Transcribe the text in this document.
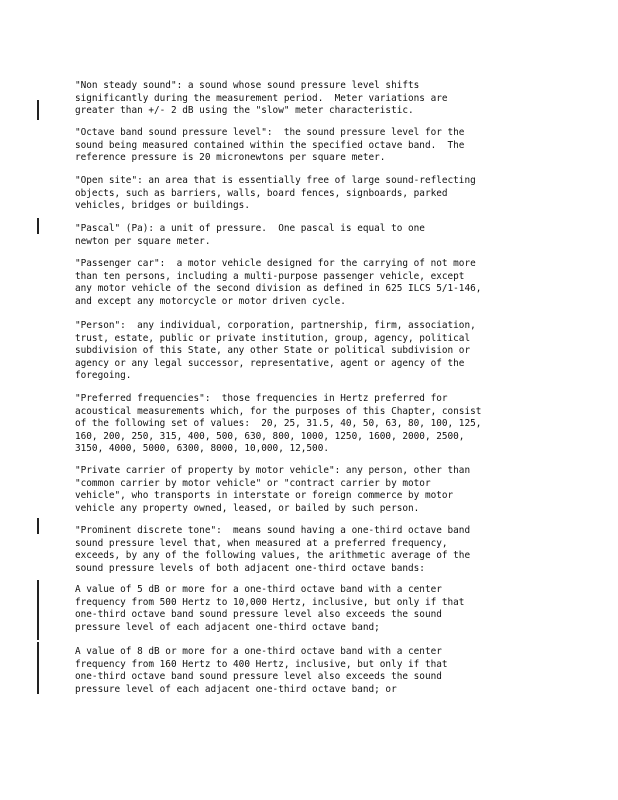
"Non steady sound": a sound whose sound pressure level shifts
significantly during the measurement period.  Meter variations are
greater than +/- 2 dB using the "slow" meter characteristic.
"Octave band sound pressure level":  the sound pressure level for the
sound being measured contained within the specified octave band.  The
reference pressure is 20 micronewtons per square meter.
"Open site": an area that is essentially free of large sound-reflecting
objects, such as barriers, walls, board fences, signboards, parked
vehicles, bridges or buildings.
"Pascal" (Pa): a unit of pressure.  One pascal is equal to one
newton per square meter.
"Passenger car":  a motor vehicle designed for the carrying of not more
than ten persons, including a multi-purpose passenger vehicle, except
any motor vehicle of the second division as defined in 625 ILCS 5/1-146,
and except any motorcycle or motor driven cycle.
"Person":  any individual, corporation, partnership, firm, association,
trust, estate, public or private institution, group, agency, political
subdivision of this State, any other State or political subdivision or
agency or any legal successor, representative, agent or agency of the
foregoing.
"Preferred frequencies":  those frequencies in Hertz preferred for
acoustical measurements which, for the purposes of this Chapter, consist
of the following set of values:  20, 25, 31.5, 40, 50, 63, 80, 100, 125,
160, 200, 250, 315, 400, 500, 630, 800, 1000, 1250, 1600, 2000, 2500,
3150, 4000, 5000, 6300, 8000, 10,000, 12,500.
"Private carrier of property by motor vehicle": any person, other than
"common carrier by motor vehicle" or "contract carrier by motor
vehicle", who transports in interstate or foreign commerce by motor
vehicle any property owned, leased, or bailed by such person.
"Prominent discrete tone":  means sound having a one-third octave band
sound pressure level that, when measured at a preferred frequency,
exceeds, by any of the following values, the arithmetic average of the
sound pressure levels of both adjacent one-third octave bands:
A value of 5 dB or more for a one-third octave band with a center
frequency from 500 Hertz to 10,000 Hertz, inclusive, but only if that
one-third octave band sound pressure level also exceeds the sound
pressure level of each adjacent one-third octave band;
A value of 8 dB or more for a one-third octave band with a center
frequency from 160 Hertz to 400 Hertz, inclusive, but only if that
one-third octave band sound pressure level also exceeds the sound
pressure level of each adjacent one-third octave band; or
